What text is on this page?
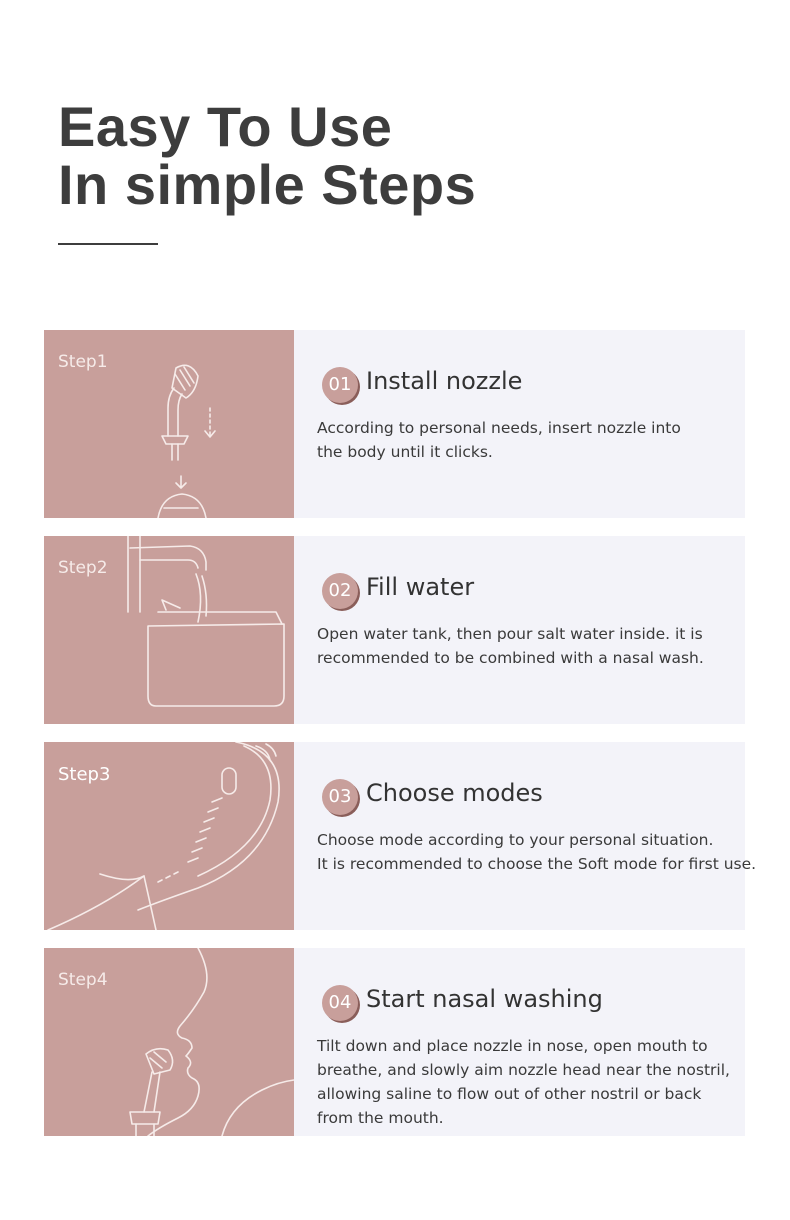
Easy To Use
In simple Steps
Step1
01 Install nozzle
According to personal needs, insert nozzle into
the body until it clicks.
Step2
02 Fill water
Open water tank, then pour salt water inside. it is
recommended to be combined with a nasal wash.
Step3
03 Choose modes
Choose mode according to your personal situation.
It is recommended to choose the Soft mode for first use.
Step4
04 Start nasal washing
Tilt down and place nozzle in nose, open mouth to
breathe, and slowly aim nozzle head near the nostril,
allowing saline to flow out of other nostril or back
from the mouth.
